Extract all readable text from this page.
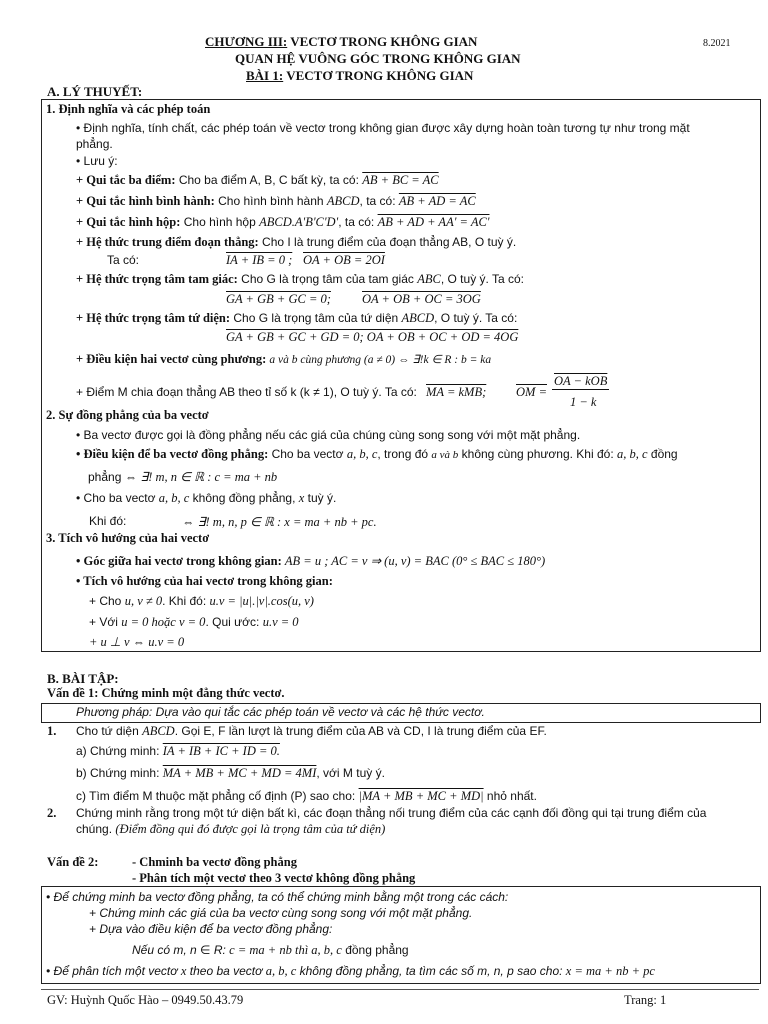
CHƯƠNG III: VECTƠ TRONG KHÔNG GIAN	8.2021
QUAN HỆ VUÔNG GÓC TRONG KHÔNG GIAN
BÀI 1: VECTƠ TRONG KHÔNG GIAN
A. LÝ THUYẾT:
1. Định nghĩa và các phép toán
• Định nghĩa, tính chất, các phép toán về vectơ trong không gian được xây dựng hoàn toàn tương tự như trong mặt
phẳng.
• Lưu ý:
+ Qui tắc ba điểm: Cho ba điểm A, B, C bất kỳ, ta có: AB + BC = AC
+ Qui tắc hình bình hành: Cho hình bình hành ABCD, ta có: AB + AD = AC
+ Qui tắc hình hộp: Cho hình hộp ABCD.A'B'C'D', ta có: AB + AD + AA' = AC'
+ Hệ thức trung điểm đoạn thẳng: Cho I là trung điểm của đoạn thẳng AB, O tuỳ ý.
Ta có:	IA + IB = 0 ; OA + OB = 2OI
+ Hệ thức trọng tâm tam giác: Cho G là trọng tâm của tam giác ABC, O tuỳ ý. Ta có:
GA + GB + GC = 0; OA + OB + OC = 3OG
+ Hệ thức trọng tâm tứ diện: Cho G là trọng tâm của tứ diện ABCD, O tuỳ ý. Ta có:
GA + GB + GC + GD = 0; OA + OB + OC + OD = 4OG
+ Điều kiện hai vectơ cùng phương: a và b cùng phương (a ≠ 0) ⇔ ∃!k ∈ R : b = ka
+ Điểm M chia đoạn thẳng AB theo tỉ số k (k ≠ 1), O tuỳ ý. Ta có: MA = kMB; OM =
OA − kOB
1 − k
2. Sự đồng phẳng của ba vectơ
• Ba vectơ được gọi là đồng phẳng nếu các giá của chúng cùng song song với một mặt phẳng.
• Điều kiện để ba vectơ đồng phẳng: Cho ba vectơ a, b, c, trong đó a và b không cùng phương. Khi đó: a, b, c đồng
phẳng ⇔ ∃! m, n ∈ ℝ : c = ma + nb
• Cho ba vectơ a, b, c không đồng phẳng, x tuỳ ý.
Khi đó:	⇔ ∃! m, n, p ∈ ℝ : x = ma + nb + pc.
3. Tích vô hướng của hai vectơ
• Góc giữa hai vectơ trong không gian: AB = u ; AC = v ⇒ (u, v) = BAC (0° ≤ BAC ≤ 180°)
• Tích vô hướng của hai vectơ trong không gian:
+ Cho u, v ≠ 0. Khi đó: u.v = |u|.|v|.cos(u, v)
+ Với u = 0 hoặc v = 0. Qui ước: u.v = 0
+ u ⊥ v ⇔ u.v = 0
B. BÀI TẬP:
Vấn đề 1: Chứng minh một đẳng thức vectơ.
Phương pháp: Dựa vào qui tắc các phép toán về vectơ và các hệ thức vectơ.
1. Cho tứ diện ABCD. Gọi E, F lần lượt là trung điểm của AB và CD, I là trung điểm của EF.
a) Chứng minh: IA + IB + IC + ID = 0.
b) Chứng minh: MA + MB + MC + MD = 4MI, với M tuỳ ý.
c) Tìm điểm M thuộc mặt phẳng cố định (P) sao cho: |MA + MB + MC + MD| nhỏ nhất.
2. Chứng minh rằng trong một tứ diện bất kì, các đoạn thẳng nối trung điểm của các cạnh đối đồng qui tại trung điểm của
chúng. (Điểm đồng qui đó được gọi là trọng tâm của tứ diện)
Vấn đề 2:	- Chminh ba vectơ đồng phẳng
- Phân tích một vectơ theo 3 vectơ không đồng phẳng
• Để chứng minh ba vectơ đồng phẳng, ta có thể chứng minh bằng một trong các cách:
+ Chứng minh các giá của ba vectơ cùng song song với một mặt phẳng.
+ Dựa vào điều kiện để ba vectơ đồng phẳng:
Nếu có m, n ∈ R: c = ma + nb thì a, b, c đồng phẳng
• Để phân tích một vectơ x theo ba vectơ a, b, c không đồng phẳng, ta tìm các số m, n, p sao cho: x = ma + nb + pc
GV: Huỳnh Quốc Hào – 0949.50.43.79	Trang: 1
